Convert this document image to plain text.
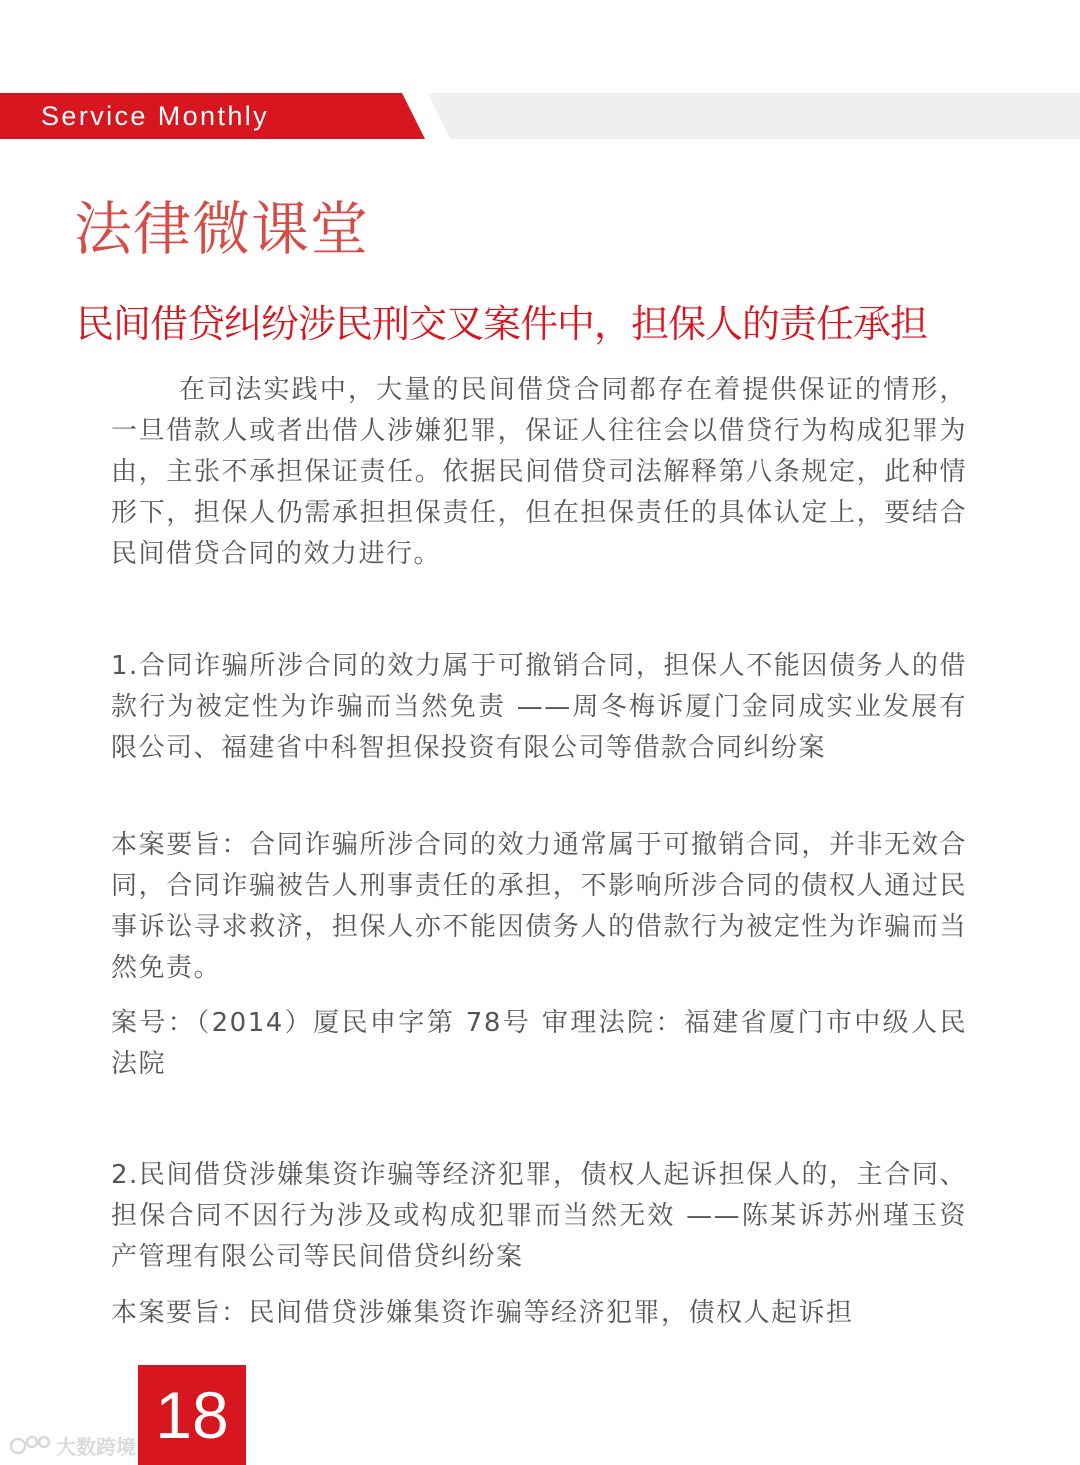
Service Monthly
法律微课堂
民间借贷纠纷涉民刑交叉案件中，担保人的责任承担

在司法实践中，大量的民间借贷合同都存在着提供保证的情形，一旦借款人或者出借人涉嫌犯罪，保证人往往会以借贷行为构成犯罪为由，主张不承担保证责任。依据民间借贷司法解释第八条规定，此种情形下，担保人仍需承担担保责任，但在担保责任的具体认定上，要结合民间借贷合同的效力进行。

1.合同诈骗所涉合同的效力属于可撤销合同，担保人不能因债务人的借款行为被定性为诈骗而当然免责 ——周冬梅诉厦门金同成实业发展有限公司、福建省中科智担保投资有限公司等借款合同纠纷案

本案要旨：合同诈骗所涉合同的效力通常属于可撤销合同，并非无效合同，合同诈骗被告人刑事责任的承担，不影响所涉合同的债权人通过民事诉讼寻求救济，担保人亦不能因债务人的借款行为被定性为诈骗而当然免责。

案号：（2014）厦民申字第 78号 审理法院：福建省厦门市中级人民法院

2.民间借贷涉嫌集资诈骗等经济犯罪，债权人起诉担保人的，主合同、担保合同不因行为涉及或构成犯罪而当然无效 ——陈某诉苏州瑾玉资产管理有限公司等民间借贷纠纷案

本案要旨：民间借贷涉嫌集资诈骗等经济犯罪，债权人起诉担

18
大数跨境
